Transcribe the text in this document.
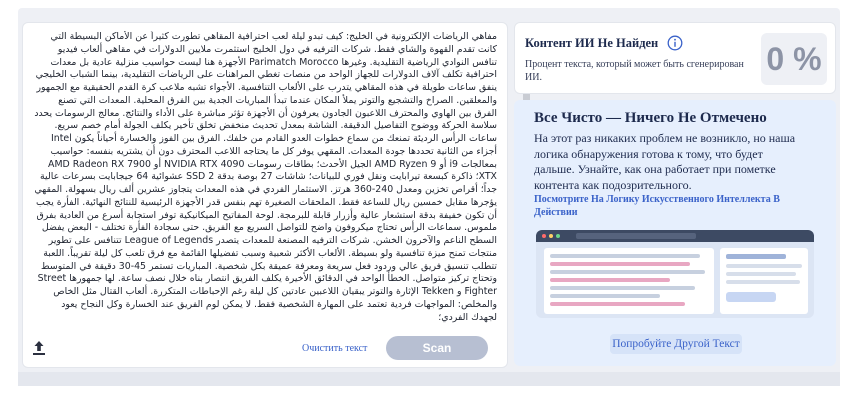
مفاهي الرياضات الإلكترونية في الخليج: كيف تبدو ليلة لعب احترافية المقاهي تطورت كثيراً عن الأماكن البسيطة التي كانت تقدم القهوة والشاي فقط. شركات الترفيه في دول الخليج استثمرت ملايين الدولارات في مقاهي ألعاب فيديو تنافس النوادي الرياضية التقليدية. وغيرها Parimatch Morocco الأجهزة هنا ليست حواسيب منزلية عادية بل معدات احترافية تكلف آلاف الدولارات للجهاز الواحد من منصات تغطي المراهنات على الرياضات التقليدية، بينما الشباب الخليجي ينفق ساعات طويلة في هذه المقاهي يتدرب على الألعاب التنافسية. الأجواء تشبه ملاعب كرة القدم الحقيقية مع الجمهور والمعلقين. الصراخ والتشجيع والتوتر يملأ المكان عندما تبدأ المباريات الجدية بين الفرق المحلية. المعدات التي تصنع الفرق بين الهاوي والمحترف اللاعبون الجادون يعرفون أن الأجهزة تؤثر مباشرة على الأداء والنتائج. معالج الرسومات يحدد سلاسة الحركة ووضوح التفاصيل الدقيقة. الشاشة بمعدل تحديث منخفض تخلق تأخير يكلف الجولة أمام خصم سريع. ساعات الرأس الرديئة تمنعك من سماع خطوات العدو القادم من خلفك. الفرق بين الفوز والخسارة أحياناً يكون Intel أجزاء من الثانية تحددها جودة المعدات. المقهي يوفر كل ما يحتاجه اللاعب المحترف دون أن يشتريه بنفسه: حواسيب بمعالجات i9 أو AMD Ryzen 9 الجيل الأحدث؛ بطاقات رسومات NVIDIA RTX 4090 أو AMD Radeon RX 7900 XTX؛ ذاكرة كبسعة تيرابايت ونقل فوري للبيانات؛ شاشات 27 بوصة بدقة 2 SSD عشوائية 64 جيجابايت بسرعات عالية جداً؛ أقراص تخزين ومعدل 240-360 هرتز. الاستثمار الفردي في هذه المعدات يتجاوز عشرين ألف ريال بسهولة. المقهي يؤجرها مقابل خمسين ريال للساعة فقط. الملحقات الصغيرة تهم بنفس قدر الأجهزة الرئيسية للنتائج النهائية. الفأرة يجب أن تكون خفيفة بدقة استشعار عالية وأزرار قابلة للبرمجة. لوحة المفاتيح الميكانيكية توفر استجابة أسرع من العادية بفرق ملموس. سماعات الرأس تحتاج ميكروفون واضح للتواصل السريع مع الفريق. حتى سجادة الفأرة تختلف - البعض يفضل السطح الناعم والآخرون الخشن. شركات الترفيه المصنعة للمعدات يتصدر League of Legends تتنافس على تطوير منتجات تمنح ميزة تنافسية ولو بسيطة. الألعاب الأكثر شعبية وسبب تفضيلها القائمة مع فرق تلعب كل ليلة تقريباً. اللعبة تتطلب تنسيق فريق عالي وردود فعل سريعة ومعرفة عميقة بكل شخصية. المباريات تستمر 45-30 دقيقة في المتوسط وتحتاج تركيز متواصل. الخطأ الواحد في الدقائق الأخيرة يكلف الفريق انتصار بناه خلال نصف ساعة. لها جمهورها Street Fighter و Tekken الإثارة والتوتر يبقيان اللاعبين عادتين كل ليلة رغم الإحباطات المتكررة. ألعاب القتال مثل الخاص والمخلص: المواجهات فردية تعتمد على المهارة الشخصية فقط. لا يمكن لوم الفريق عند الخسارة وكل النجاح يعود لجهدك الفردي؛
Очистить текст	Scan
Контент ИИ Не Найден
Процент текста, который может быть сгенерирован ИИ.
0 %
Все Чисто — Ничего Не Отмечено
На этот раз никаких проблем не возникло, но наша логика обнаружения готова к тому, что будет дальше. Узнайте, как она работает при пометке контента как подозрительного.
Посмотрите На Логику Искусственного Интеллекта В Действии
Попробуйте Другой Текст
